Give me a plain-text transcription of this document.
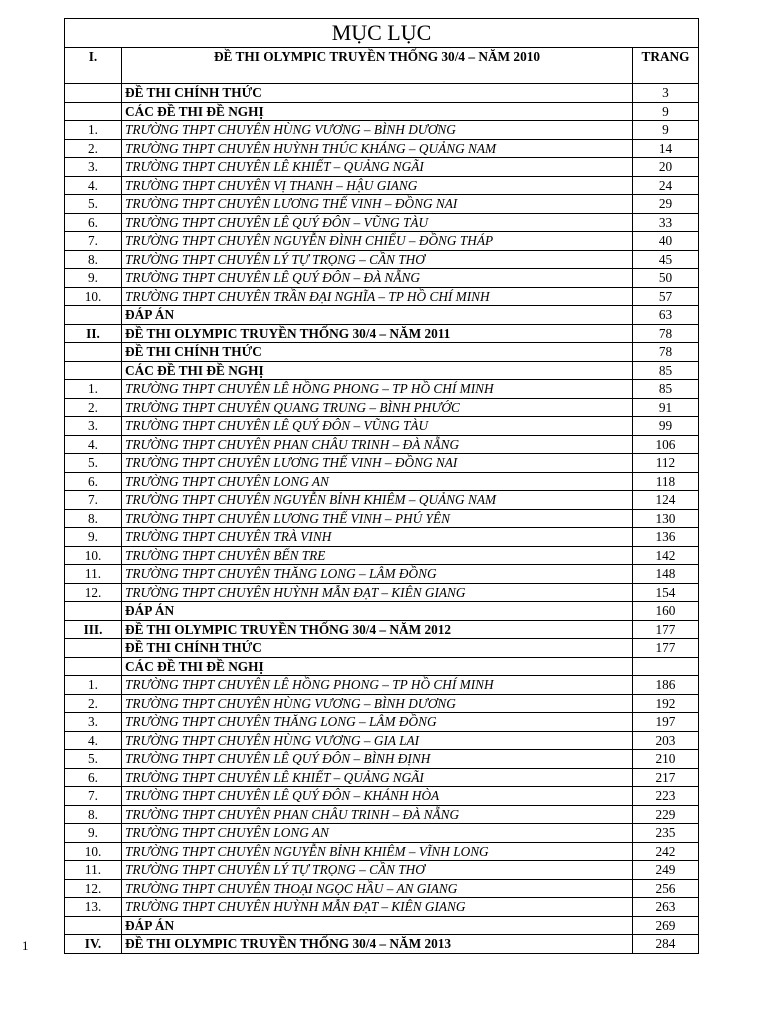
MỤC LỤC		
I.	ĐỀ THI OLYMPIC TRUYỀN THỐNG 30/4 – NĂM 2010	TRANG
	ĐỀ THI CHÍNH THỨC	3
	CÁC ĐỀ THI ĐỀ NGHỊ	9
1.	TRƯỜNG THPT CHUYÊN HÙNG VƯƠNG – BÌNH DƯƠNG	9
2.	TRƯỜNG THPT CHUYÊN HUỲNH THÚC KHÁNG – QUẢNG NAM	14
3.	TRƯỜNG THPT CHUYÊN LÊ KHIẾT – QUẢNG NGÃI	20
4.	TRƯỜNG THPT CHUYÊN VỊ THANH – HẬU GIANG	24
5.	TRƯỜNG THPT CHUYÊN LƯƠNG THẾ VINH – ĐỒNG NAI	29
6.	TRƯỜNG THPT CHUYÊN LÊ QUÝ ĐÔN – VŨNG TÀU	33
7.	TRƯỜNG THPT CHUYÊN NGUYỄN ĐÌNH CHIỂU – ĐỒNG THÁP	40
8.	TRƯỜNG THPT CHUYÊN LÝ TỰ TRỌNG – CẦN THƠ	45
9.	TRƯỜNG THPT CHUYÊN LÊ QUÝ ĐÔN – ĐÀ NẴNG	50
10.	TRƯỜNG THPT CHUYÊN TRẦN ĐẠI NGHĨA – TP HỒ CHÍ MINH	57
	ĐÁP ÁN	63
II.	ĐỀ THI OLYMPIC TRUYỀN THỐNG 30/4 – NĂM 2011	78
	ĐỀ THI CHÍNH THỨC	78
	CÁC ĐỀ THI ĐỀ NGHỊ	85
1.	TRƯỜNG THPT CHUYÊN LÊ HỒNG PHONG – TP HỒ CHÍ MINH	85
2.	TRƯỜNG THPT CHUYÊN QUANG TRUNG – BÌNH PHƯỚC	91
3.	TRƯỜNG THPT CHUYÊN LÊ QUÝ ĐÔN – VŨNG TÀU	99
4.	TRƯỜNG THPT CHUYÊN PHAN CHÂU TRINH – ĐÀ NẴNG	106
5.	TRƯỜNG THPT CHUYÊN LƯƠNG THẾ VINH – ĐỒNG NAI	112
6.	TRƯỜNG THPT CHUYÊN LONG AN	118
7.	TRƯỜNG THPT CHUYÊN NGUYỄN BỈNH KHIÊM – QUẢNG NAM	124
8.	TRƯỜNG THPT CHUYÊN LƯƠNG THẾ VINH – PHÚ YÊN	130
9.	TRƯỜNG THPT CHUYÊN TRÀ VINH	136
10.	TRƯỜNG THPT CHUYÊN BẾN TRE	142
11.	TRƯỜNG THPT CHUYÊN THĂNG LONG – LÂM ĐỒNG	148
12.	TRƯỜNG THPT CHUYÊN HUỲNH MẪN ĐẠT – KIÊN GIANG	154
	ĐÁP ÁN	160
III.	ĐỀ THI OLYMPIC TRUYỀN THỐNG 30/4 – NĂM 2012	177
	ĐỀ THI CHÍNH THỨC	177
	CÁC ĐỀ THI ĐỀ NGHỊ	
1.	TRƯỜNG THPT CHUYÊN LÊ HỒNG PHONG – TP HỒ CHÍ MINH	186
2.	TRƯỜNG THPT CHUYÊN HÙNG VƯƠNG – BÌNH DƯƠNG	192
3.	TRƯỜNG THPT CHUYÊN THĂNG LONG – LÂM ĐỒNG	197
4.	TRƯỜNG THPT CHUYÊN HÙNG VƯƠNG – GIA LAI	203
5.	TRƯỜNG THPT CHUYÊN LÊ QUÝ ĐÔN – BÌNH ĐỊNH	210
6.	TRƯỜNG THPT CHUYÊN LÊ KHIẾT – QUẢNG NGÃI	217
7.	TRƯỜNG THPT CHUYÊN LÊ QUÝ ĐÔN – KHÁNH HÒA	223
8.	TRƯỜNG THPT CHUYÊN PHAN CHÂU TRINH – ĐÀ NẴNG	229
9.	TRƯỜNG THPT CHUYÊN LONG AN	235
10.	TRƯỜNG THPT CHUYÊN NGUYỄN BỈNH KHIÊM – VĨNH LONG	242
11.	TRƯỜNG THPT CHUYÊN LÝ TỰ TRỌNG – CẦN THƠ	249
12.	TRƯỜNG THPT CHUYÊN THOẠI NGỌC HẦU – AN GIANG	256
13.	TRƯỜNG THPT CHUYÊN HUỲNH MẪN ĐẠT – KIÊN GIANG	263
	ĐÁP ÁN	269
IV.	ĐỀ THI OLYMPIC TRUYỀN THỐNG 30/4 – NĂM 2013	284
1
